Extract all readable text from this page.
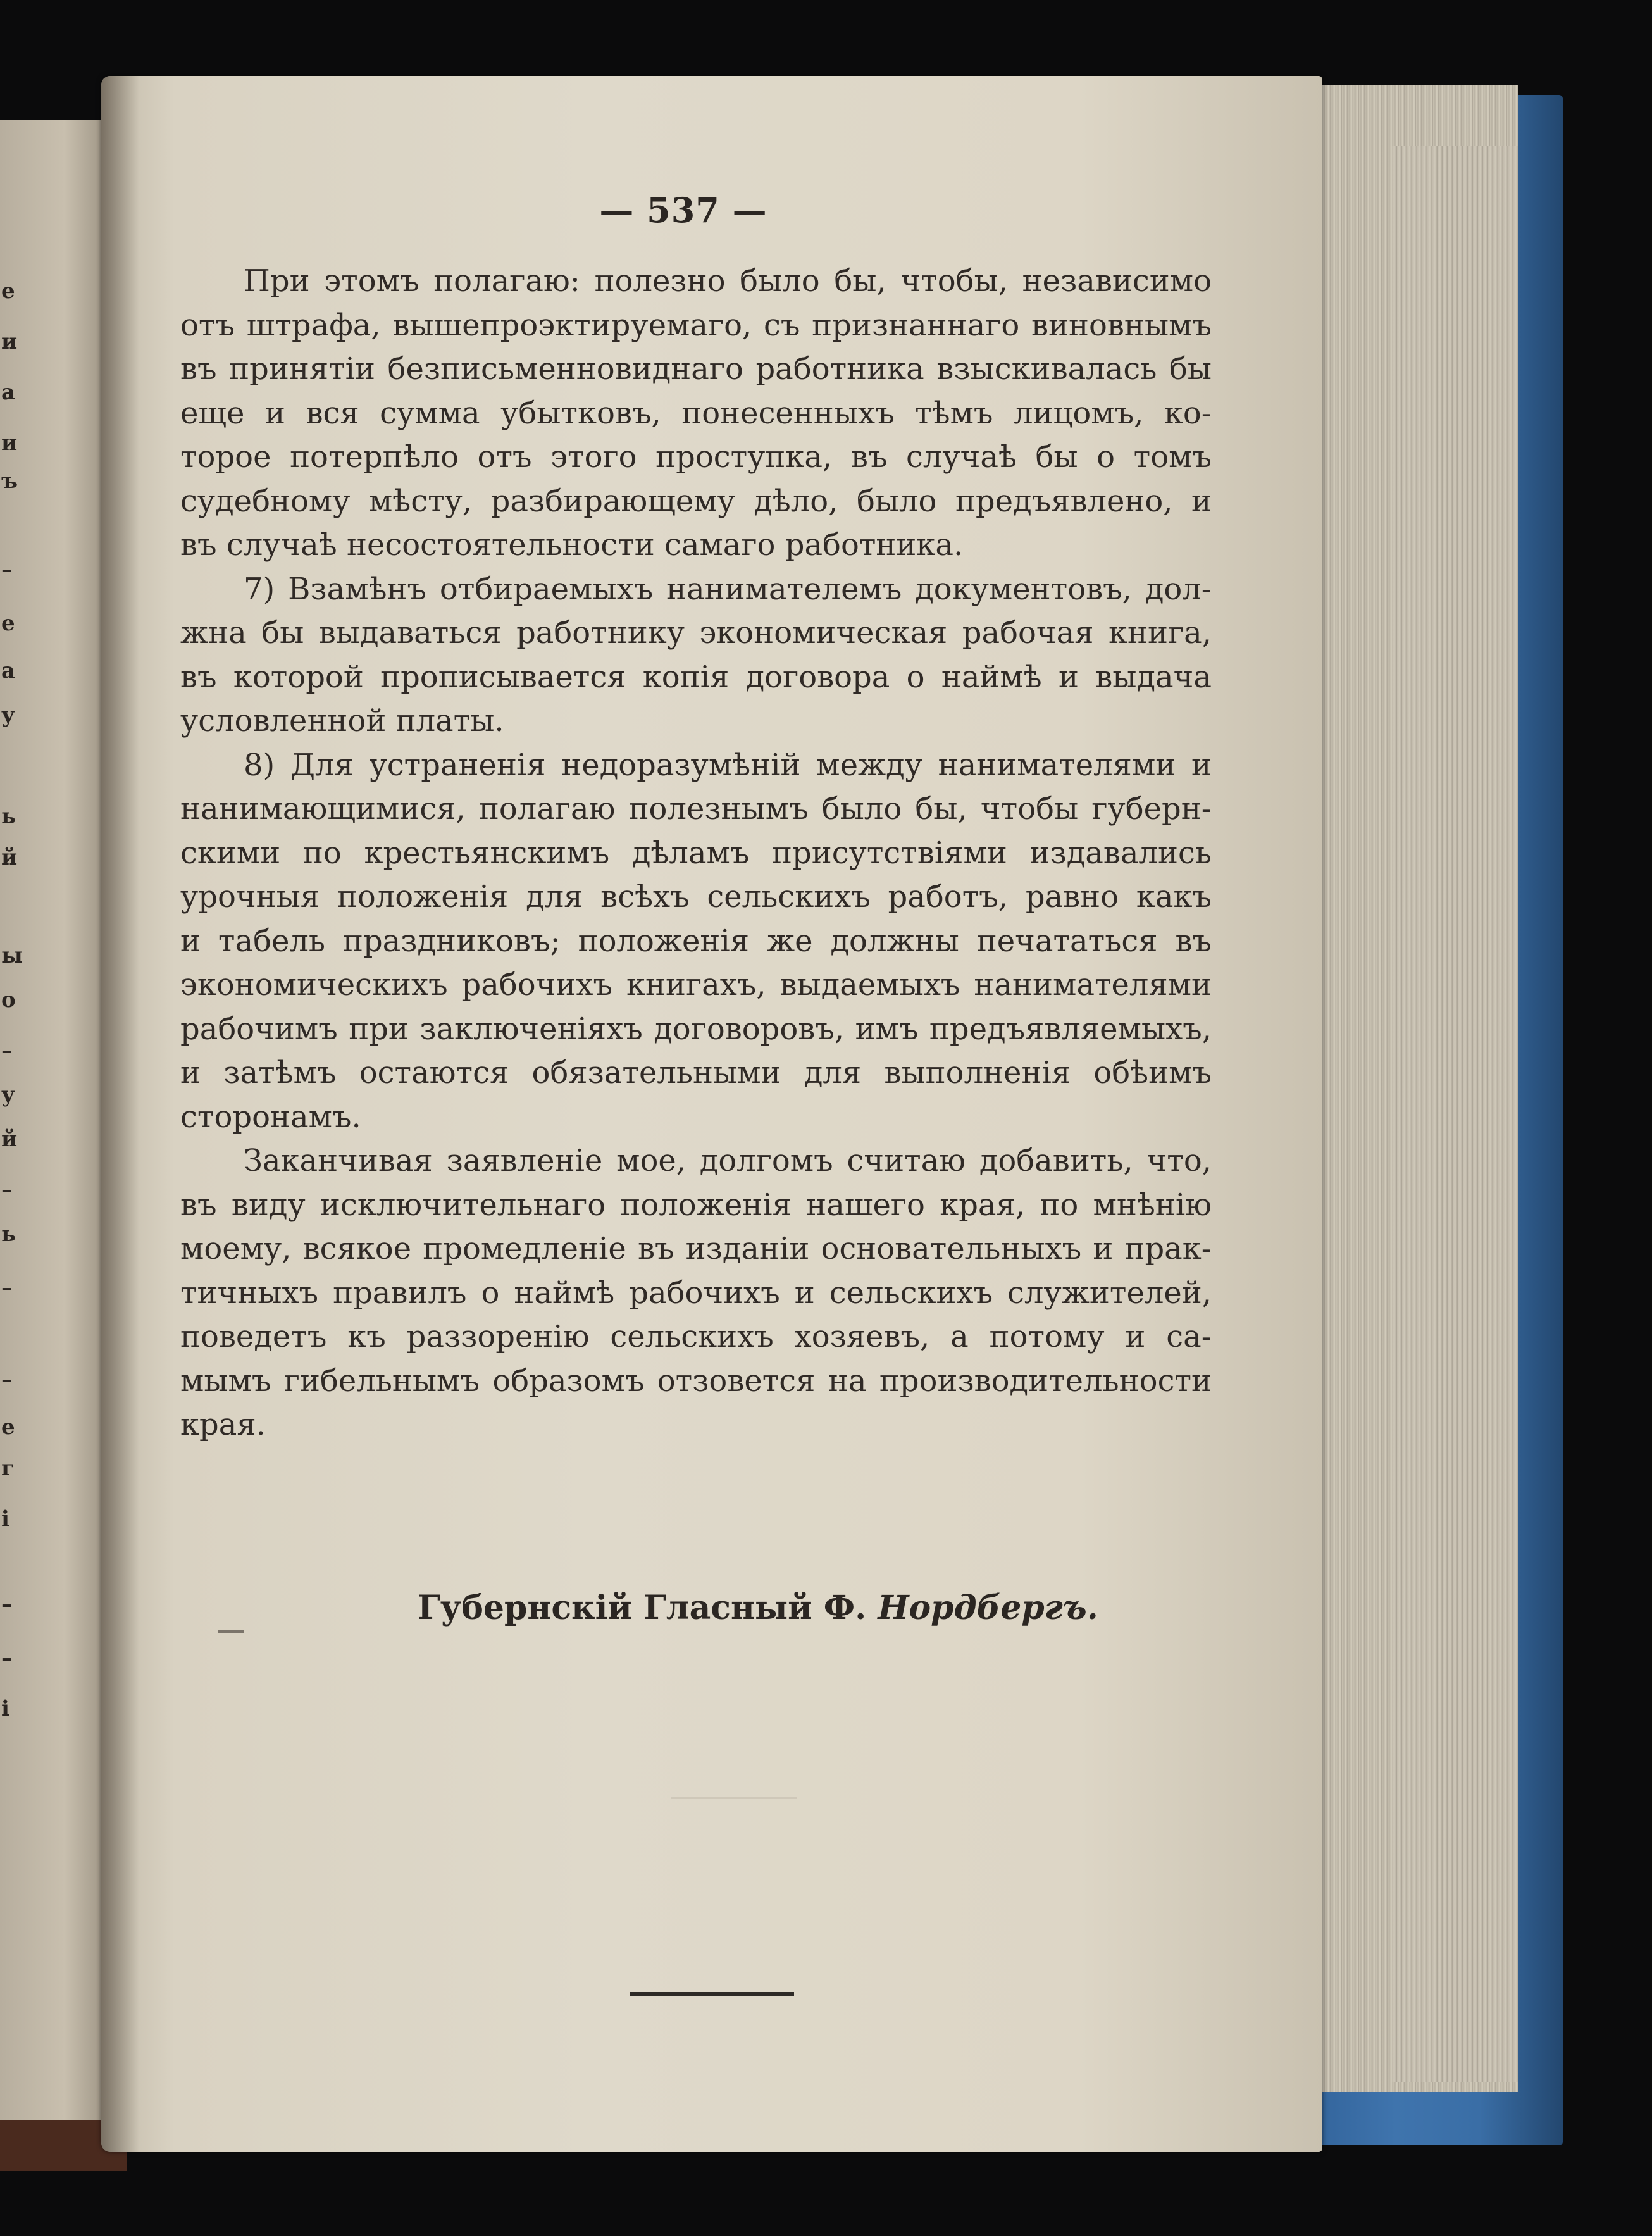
е
и
а
и
ъ
–
е
а
у
ь
й
ы
о
–
у
й
–
ь
–
–
е
г
і
–
–
і
— 537 —
При этомъ полагаю: полезно было бы, чтобы, независимо
отъ штрафа, вышепроэктируемаго, съ признаннаго виновнымъ
въ принятіи безписьменновиднаго работника взыскивалась бы
еще и вся сумма убытковъ, понесенныхъ тѣмъ лицомъ, ко-
торое потерпѣло отъ этого проступка, въ случаѣ бы о томъ
судебному мѣсту, разбирающему дѣло, было предъявлено, и
въ случаѣ несостоятельности самаго работника.
7) Взамѣнъ отбираемыхъ нанимателемъ документовъ, дол-
жна бы выдаваться работнику экономическая рабочая книга,
въ которой прописывается копія договора о наймѣ и выдача
условленной платы.
8) Для устраненія недоразумѣній между нанимателями и
нанимающимися, полагаю полезнымъ было бы, чтобы губерн-
скими по крестьянскимъ дѣламъ присутствіями издавались
урочныя положенія для всѣхъ сельскихъ работъ, равно какъ
и табель праздниковъ; положенія же должны печататься въ
экономическихъ рабочихъ книгахъ, выдаемыхъ нанимателями
рабочимъ при заключеніяхъ договоровъ, имъ предъявляемыхъ,
и затѣмъ остаются обязательными для выполненія обѣимъ
сторонамъ.
Заканчивая заявленіе мое, долгомъ считаю добавить, что,
въ виду исключительнаго положенія нашего края, по мнѣнію
моему, всякое промедленіе въ изданіи основательныхъ и прак-
тичныхъ правилъ о наймѣ рабочихъ и сельскихъ служителей,
поведетъ къ раззоренію сельскихъ хозяевъ, а потому и са-
мымъ гибельнымъ образомъ отзовется на производительности
края.
Губернскій Гласный Ф. Нордбергъ.
